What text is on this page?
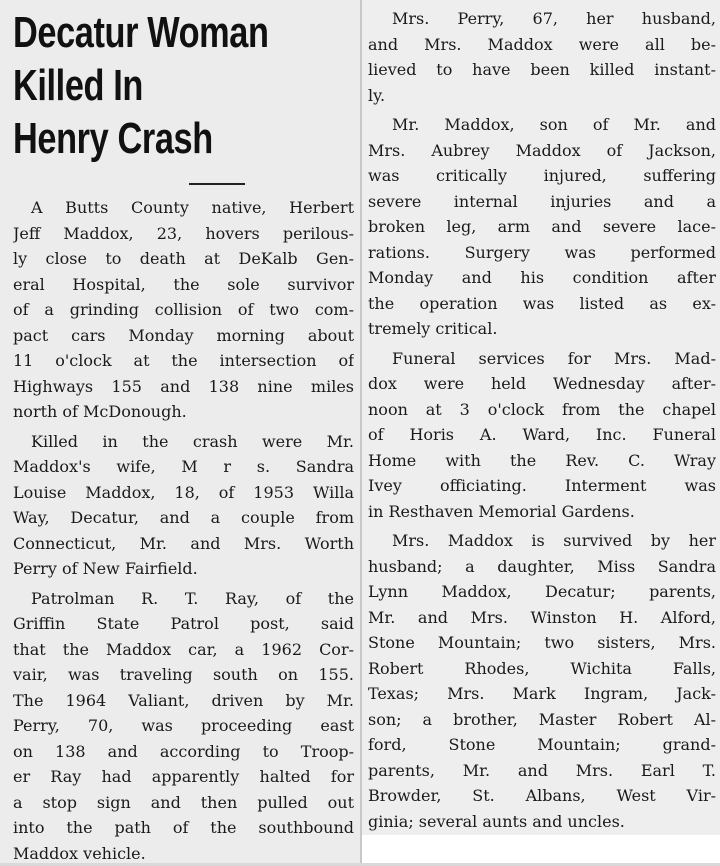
Decatur Woman
Killed In
Henry Crash

A Butts County native, Herbert
Jeff Maddox, 23, hovers perilous-
ly close to death at DeKalb Gen-
eral Hospital, the sole survivor
of a grinding collision of two com-
pact cars Monday morning about
11 o'clock at the intersection of
Highways 155 and 138 nine miles
north of McDonough.

Killed in the crash were Mr.
Maddox's wife, M r s. Sandra
Louise Maddox, 18, of 1953 Willa
Way, Decatur, and a couple from
Connecticut, Mr. and Mrs. Worth
Perry of New Fairfield.

Patrolman R. T. Ray, of the
Griffin State Patrol post, said
that the Maddox car, a 1962 Cor-
vair, was traveling south on 155.
The 1964 Valiant, driven by Mr.
Perry, 70, was proceeding east
on 138 and according to Troop-
er Ray had apparently halted for
a stop sign and then pulled out
into the path of the southbound
Maddox vehicle.

Mrs. Perry, 67, her husband,
and Mrs. Maddox were all be-
lieved to have been killed instant-
ly.

Mr. Maddox, son of Mr. and
Mrs. Aubrey Maddox of Jackson,
was critically injured, suffering
severe internal injuries and a
broken leg, arm and severe lace-
rations. Surgery was performed
Monday and his condition after
the operation was listed as ex-
tremely critical.

Funeral services for Mrs. Mad-
dox were held Wednesday after-
noon at 3 o'clock from the chapel
of Horis A. Ward, Inc. Funeral
Home with the Rev. C. Wray
Ivey officiating. Interment was
in Resthaven Memorial Gardens.

Mrs. Maddox is survived by her
husband; a daughter, Miss Sandra
Lynn Maddox, Decatur; parents,
Mr. and Mrs. Winston H. Alford,
Stone Mountain; two sisters, Mrs.
Robert Rhodes, Wichita Falls,
Texas; Mrs. Mark Ingram, Jack-
son; a brother, Master Robert Al-
ford, Stone Mountain; grand-
parents, Mr. and Mrs. Earl T.
Browder, St. Albans, West Vir-
ginia; several aunts and uncles.
